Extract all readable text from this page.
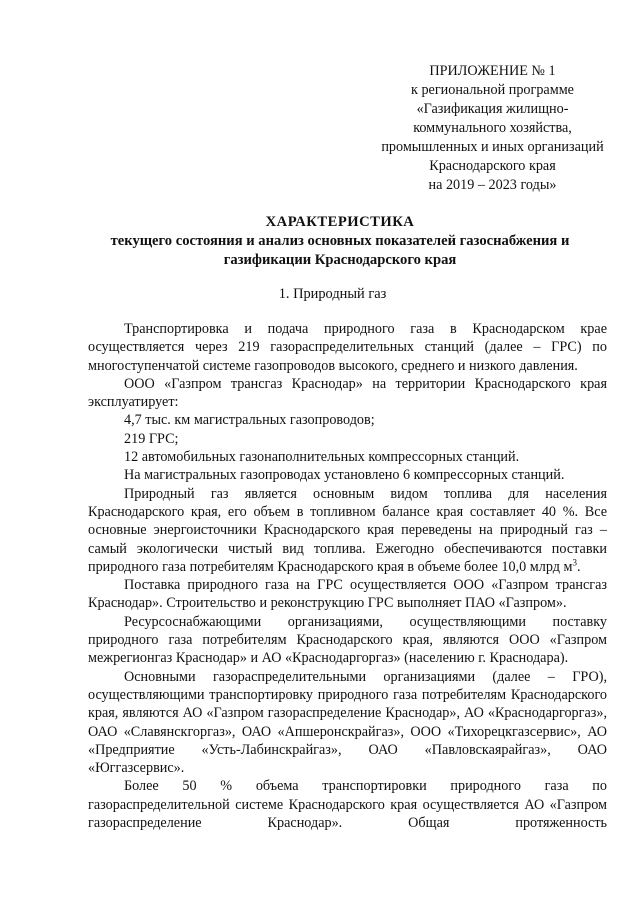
ПРИЛОЖЕНИЕ № 1
к региональной программе
«Газификация жилищно-
коммунального хозяйства,
промышленных и иных организаций
Краснодарского края
на 2019 – 2023 годы»
ХАРАКТЕРИСТИКА
текущего состояния и анализ основных показателей газоснабжения и
газификации Краснодарского края
1. Природный газ

Транспортировка и подача природного газа в Краснодарском крае осуществляется через 219 газораспределительных станций (далее – ГРС) по многоступенчатой системе газопроводов высокого, среднего и низкого давления.

ООО «Газпром трансгаз Краснодар» на территории Краснодарского края эксплуатирует:

4,7 тыс. км магистральных газопроводов;

219 ГРС;

12 автомобильных газонаполнительных компрессорных станций.

На магистральных газопроводах установлено 6 компрессорных станций.

Природный газ является основным видом топлива для населения Краснодарского края, его объем в топливном балансе края составляет 40 %. Все основные энергоисточники Краснодарского края переведены на природный газ – самый экологически чистый вид топлива. Ежегодно обеспечиваются поставки природного газа потребителям Краснодарского края в объеме более 10,0 млрд $м^3$.

Поставка природного газа на ГРС осуществляется ООО «Газпром трансгаз Краснодар». Строительство и реконструкцию ГРС выполняет ПАО «Газпром».

Ресурсоснабжающими организациями, осуществляющими поставку природного газа потребителям Краснодарского края, являются ООО «Газпром межрегионгаз Краснодар» и АО «Краснодаргоргаз» (населению г. Краснодара).

Основными газораспределительными организациями (далее – ГРО), осуществляющими транспортировку природного газа потребителям Краснодарского края, являются АО «Газпром газораспределение Краснодар», АО «Краснодаргоргаз», ОАО «Славянскгоргаз», ОАО «Апшеронскрайгаз», ООО «Тихорецкгазсервис», АО «Предприятие «Усть-Лабинскрайгаз», ОАО «Павловскаярайгаз», ОАО «Юггазсервис».

Более 50 % объема транспортировки природного газа по газораспределительной системе Краснодарского края осуществляется АО «Газпром газораспределение Краснодар». Общая протяженность
